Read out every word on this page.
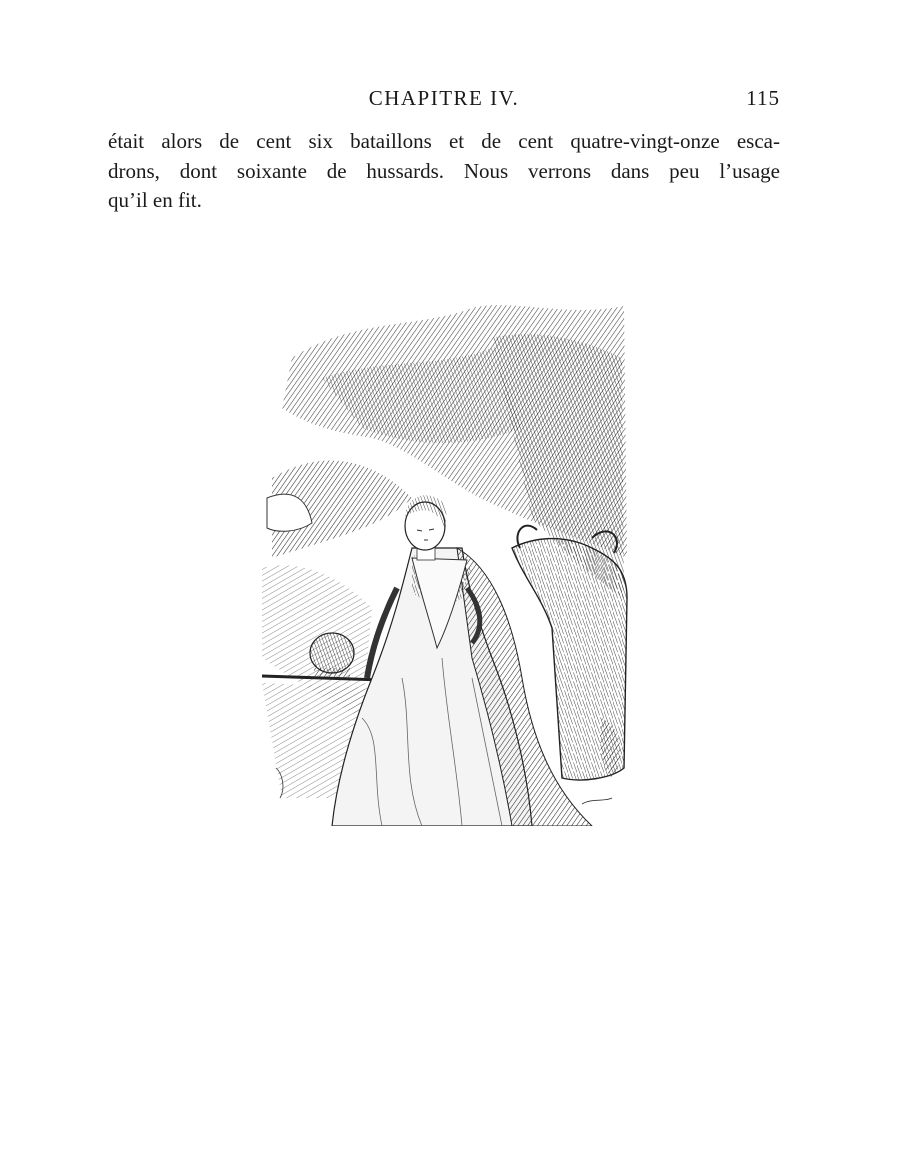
CHAPITRE IV.	115
était alors de cent six bataillons et de cent quatre-vingt-onze esca-
drons, dont soixante de hussards. Nous verrons dans peu l’usage
qu’il en fit.
